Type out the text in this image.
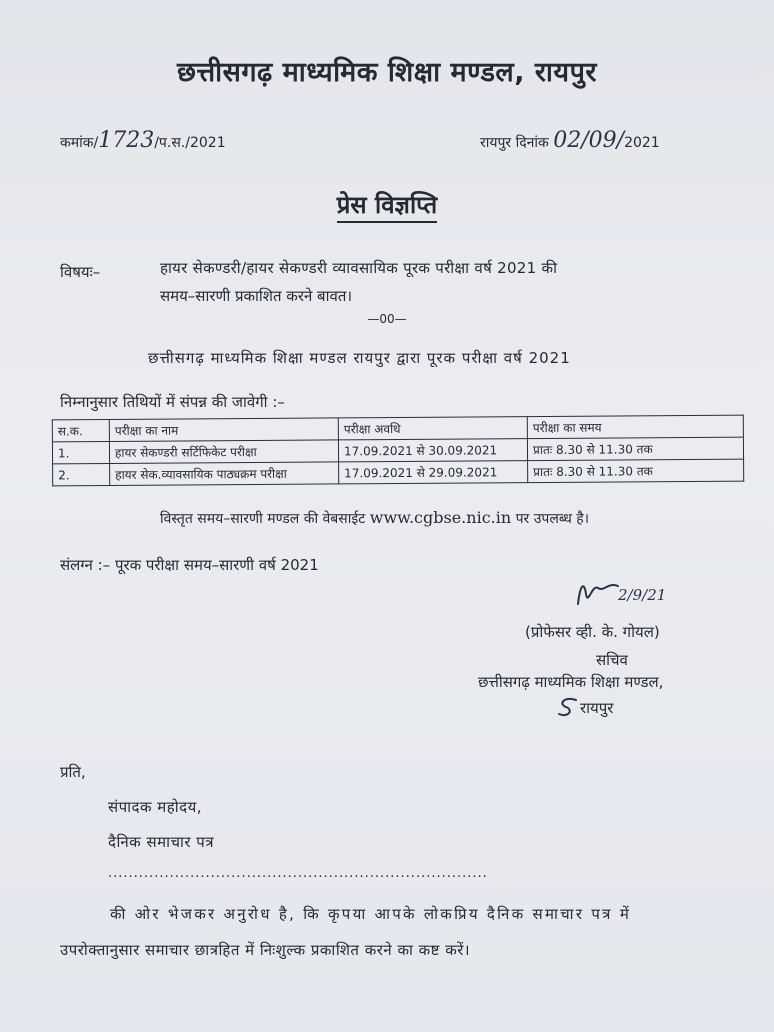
छत्तीसगढ़ माध्यमिक शिक्षा मण्डल, रायपुर
कमांक/1723/प.स./2021	रायपुर दिनांक 02/09/2021
प्रेस विज्ञप्ति
विषयः–	हायर सेकण्डरी/हायर सेकण्डरी व्यावसायिक पूरक परीक्षा वर्ष 2021 की
समय–सारणी प्रकाशित करने बावत।
—00—
छत्तीसगढ़ माध्यमिक शिक्षा मण्डल रायपुर द्वारा पूरक परीक्षा वर्ष 2021
निम्नानुसार तिथियों में संपन्न की जावेगी :–
स.क.	परीक्षा का नाम	परीक्षा अवधि	परीक्षा का समय
1.	हायर सेकण्डरी सर्टिफिकेट परीक्षा	17.09.2021 से 30.09.2021	प्रातः 8.30 से 11.30 तक
2.	हायर सेक.व्यावसायिक पाठ्यक्रम परीक्षा	17.09.2021 से 29.09.2021	प्रातः 8.30 से 11.30 तक
विस्तृत समय–सारणी मण्डल की वेबसाईट www.cgbse.nic.in पर उपलब्ध है।
संलग्न :– पूरक परीक्षा समय–सारणी वर्ष 2021
2/9/21
(प्रोफेसर व्ही. के. गोयल)
सचिव
छत्तीसगढ़ माध्यमिक शिक्षा मण्डल,
रायपुर
प्रति,
संपादक महोदय,
दैनिक समाचार पत्र
..........................................................................
की ओर भेजकर अनुरोध है, कि कृपया आपके लोकप्रिय दैनिक समाचार पत्र में
उपरोक्तानुसार समाचार छात्रहित में निःशुल्क प्रकाशित करने का कष्ट करें।
